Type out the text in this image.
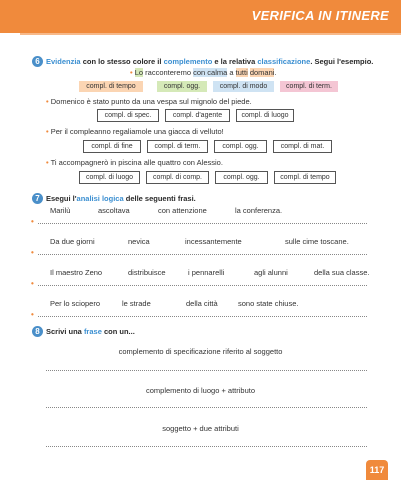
VERIFICA IN ITINERE
6 Evidenzia con lo stesso colore il complemento e la relativa classificazione. Segui l'esempio.
• Lo racconteremo con calma a tutti domani.
compl. di tempo	compl. ogg.	compl. di modo	compl. di term.
• Domenico è stato punto da una vespa sul mignolo del piede.
compl. di spec.	compl. d'agente	compl. di luogo
• Per il compleanno regaliamole una giacca di velluto!
compl. di fine	compl. di term.	compl. ogg.	compl. di mat.
• Ti accompagnerò in piscina alle quattro con Alessio.
compl. di luogo	compl. di comp.	compl. ogg.	compl. di tempo
7 Esegui l'analisi logica delle seguenti frasi.
Marilù	ascoltava	con attenzione	la conferenza.
•
Da due giorni	nevica	incessantemente	sulle cime toscane.
•
Il maestro Zeno	distribuisce	i pennarelli	agli alunni	della sua classe.
•
Per lo sciopero	le strade	della città	sono state chiuse.
•
8 Scrivi una frase con un...
complemento di specificazione riferito al soggetto
complemento di luogo + attributo
soggetto + due attributi
117
